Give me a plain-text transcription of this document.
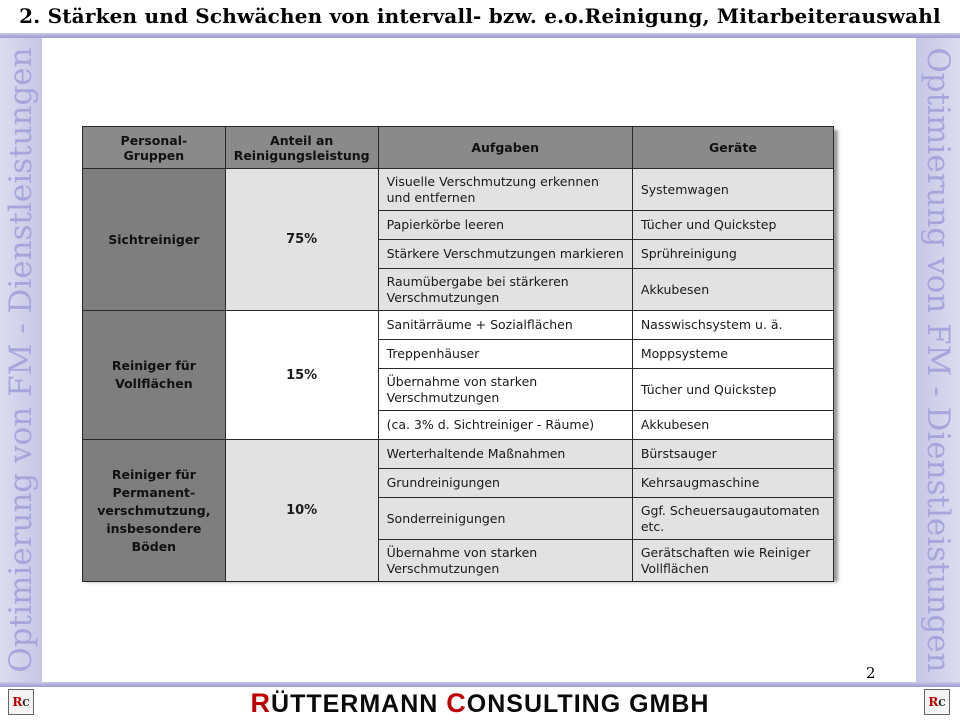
2. Stärken und Schwächen von intervall- bzw. e.o.Reinigung, Mitarbeiterauswahl
Optimierung von FM - Dienstleistungen	Optimierung von FM - Dienstleistungen
Personal-Gruppen	Anteil an Reinigungsleistung	Aufgaben	Geräte
Sichtreiniger	75%	Visuelle Verschmutzung erkennen und entfernen	Systemwagen
		Papierkörbe leeren	Tücher und Quickstep
		Stärkere Verschmutzungen markieren	Sprühreinigung
		Raumübergabe bei stärkeren Verschmutzungen	Akkubesen
Reiniger für Vollflächen	15%	Sanitärräume + Sozialflächen	Nasswischsystem u. ä.
		Treppenhäuser	Moppsysteme
		Übernahme von starken Verschmutzungen	Tücher und Quickstep
		(ca. 3% d. Sichtreiniger - Räume)	Akkubesen
Reiniger für Permanent-verschmutzung, insbesondere Böden	10%	Werterhaltende Maßnahmen	Bürstsauger
		Grundreinigungen	Kehrsaugmaschine
		Sonderreinigungen	Ggf. Scheuersaugautomaten etc.
		Übernahme von starken Verschmutzungen	Gerätschaften wie Reiniger Vollflächen
2
RC	RC
RÜTTERMANN CONSULTING GMBH
